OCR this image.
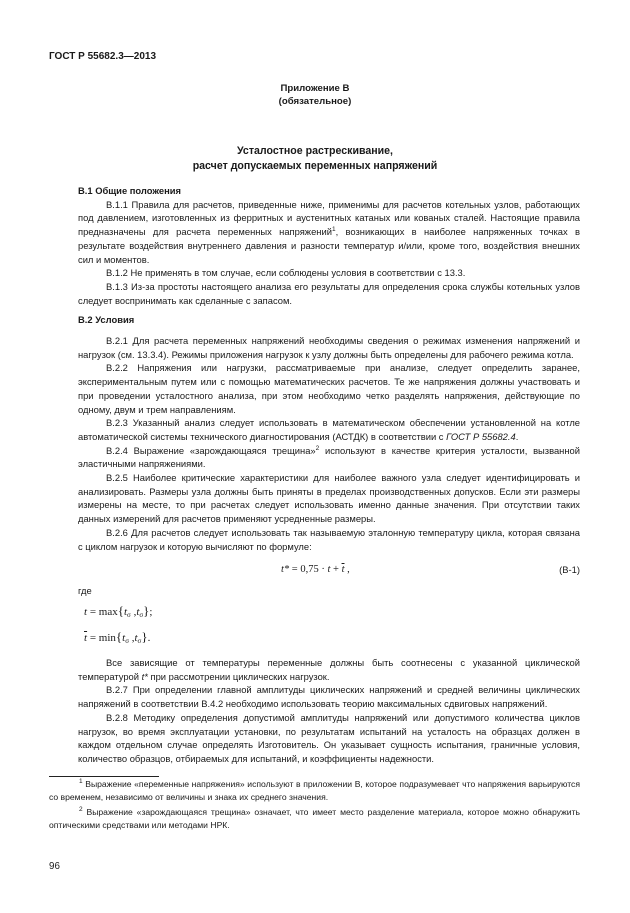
ГОСТ Р 55682.3—2013
Приложение В
(обязательное)
Усталостное растрескивание,
расчет допускаемых переменных напряжений
В.1 Общие положения

В.1.1 Правила для расчетов, приведенные ниже, применимы для расчетов котельных узлов, работающих под давлением, изготовленных из ферритных и аустенитных катаных или кованых сталей. Настоящие правила предназначены для расчета переменных напряжений$^1$, возникающих в наиболее напряженных точках в результате воздействия внутреннего давления и разности температур и/или, кроме того, воздействия внешних сил и моментов.

В.1.2 Не применять в том случае, если соблюдены условия в соответствии с 13.3.

В.1.3 Из-за простоты настоящего анализа его результаты для определения срока службы котельных узлов следует воспринимать как сделанные с запасом.

В.2 Условия

В.2.1 Для расчета переменных напряжений необходимы сведения о режимах изменения напряжений и нагрузок (см. 13.3.4). Режимы приложения нагрузок к узлу должны быть определены для рабочего режима котла.

В.2.2 Напряжения или нагрузки, рассматриваемые при анализе, следует определить заранее, экспериментальным путем или с помощью математических расчетов. Те же напряжения должны участвовать и при проведении усталостного анализа, при этом необходимо четко разделять напряжения, действующие по одному, двум и трем направлениям.

В.2.3 Указанный анализ следует использовать в математическом обеспечении установленной на котле автоматической системы технического диагностирования (АСТДК) в соответствии с ГОСТ Р 55682.4.

В.2.4 Выражение «зарождающаяся трещина»$^2$ используют в качестве критерия усталости, вызванной эластичными напряжениями.

В.2.5 Наиболее критические характеристики для наиболее важного узла следует идентифицировать и анализировать. Размеры узла должны быть приняты в пределах производственных допусков. Если эти размеры измерены на месте, то при расчетах следует использовать именно данные значения. При отсутствии таких данных измерений для расчетов применяют усредненные размеры.

В.2.6 Для расчетов следует использовать так называемую эталонную температуру цикла, которая связана с циклом нагрузок и которую вычисляют по формуле:

$t* = 0,75 \cdot t + \overline{t}$ ,	(В-1)
где
$t = \max\{t_\sigma$ $,t_\sigma$};
$\overline{t} = \min\{t_\sigma$ $,t_\sigma$}.

Все зависящие от температуры переменные должны быть соотнесены с указанной циклической температурой t* при рассмотрении циклических нагрузок.

В.2.7 При определении главной амплитуды циклических напряжений и средней величины циклических напряжений в соответствии В.4.2 необходимо использовать теорию максимальных сдвиговых напряжений.

В.2.8 Методику определения допустимой амплитуды напряжений или допустимого количества циклов нагрузок, во время эксплуатации установки, по результатам испытаний на усталость на образцах должен в каждом отдельном случае определять Изготовитель. Он указывает сущность испытания, граничные условия, количество образцов, отбираемых для испытаний, и коэффициенты надежности.

$^1$ Выражение «переменные напряжения» используют в приложении В, которое подразумевает что напряжения варьируются со временем, независимо от величины и знака их среднего значения.

$^2$ Выражение «зарождающаяся трещина» означает, что имеет место разделение материала, которое можно обнаружить оптическими средствами или методами НРК.

96
